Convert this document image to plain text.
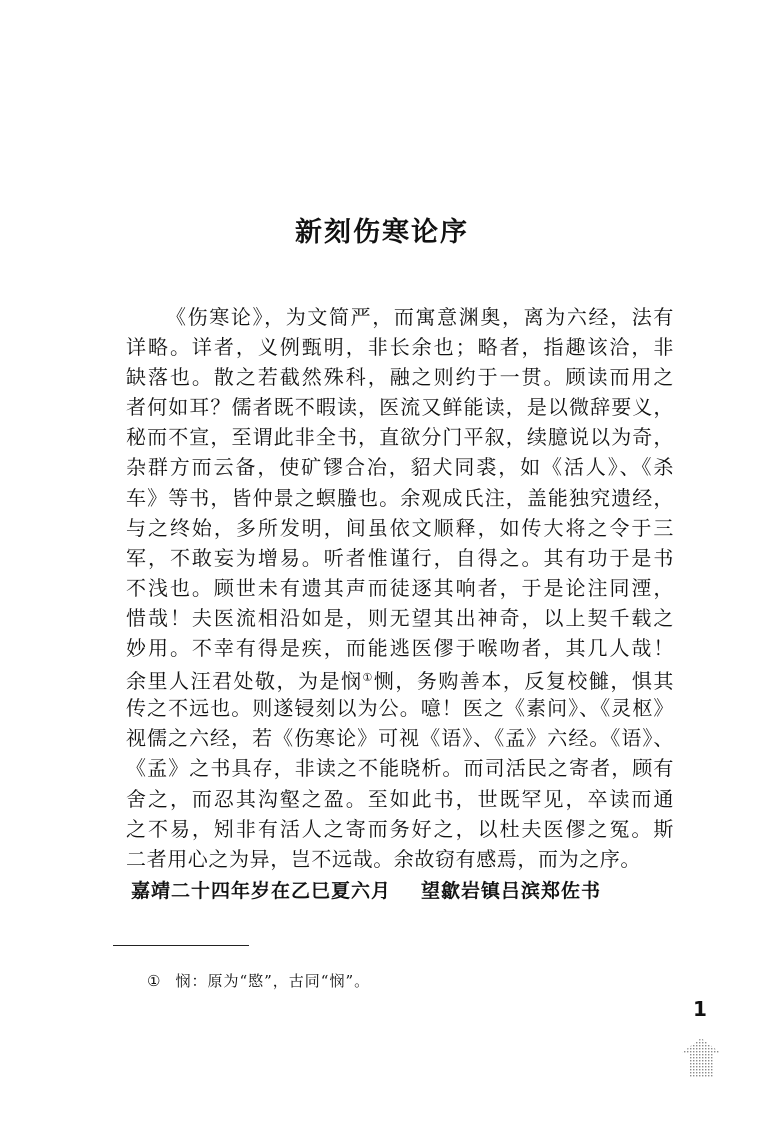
新刻伤寒论序
《伤寒论》，为文简严，而寓意渊奥，离为六经，法有
详略。详者，义例甄明，非长余也；略者，指趣该洽，非
缺落也。散之若截然殊科，融之则约于一贯。顾读而用之
者何如耳？儒者既不暇读，医流又鲜能读，是以微辞要义，
秘而不宣，至谓此非全书，直欲分门平叙，续臆说以为奇，
杂群方而云备，使矿镠合冶，貂犬同裘，如《活人》、《杀
车》等书，皆仲景之螟螣也。余观成氏注，盖能独究遗经，
与之终始，多所发明，间虽依文顺释，如传大将之令于三
军，不敢妄为增易。听者惟谨行，自得之。其有功于是书
不浅也。顾世未有遗其声而徒逐其响者，于是论注同湮，
惜哉！夫医流相沿如是，则无望其出神奇，以上契千载之
妙用。不幸有得是疾，而能逃医僇于喉吻者，其几人哉！
余里人汪君处敬，为是悯①恻，务购善本，反复校雠，惧其
传之不远也。则遂锓刻以为公。噫！医之《素问》、《灵枢》
视儒之六经，若《伤寒论》可视《语》、《孟》六经。《语》、
《孟》之书具存，非读之不能晓析。而司活民之寄者，顾有
舍之，而忍其沟壑之盈。至如此书，世既罕见，卒读而通
之不易，矧非有活人之寄而务好之，以杜夫医僇之冤。斯
二者用心之为异，岂不远哉。余故窃有感焉，而为之序。
嘉靖二十四年岁在乙巳夏六月 望歙岩镇吕滨郑佐书
① 悯：原为“愍”，古同“悯”。
1
